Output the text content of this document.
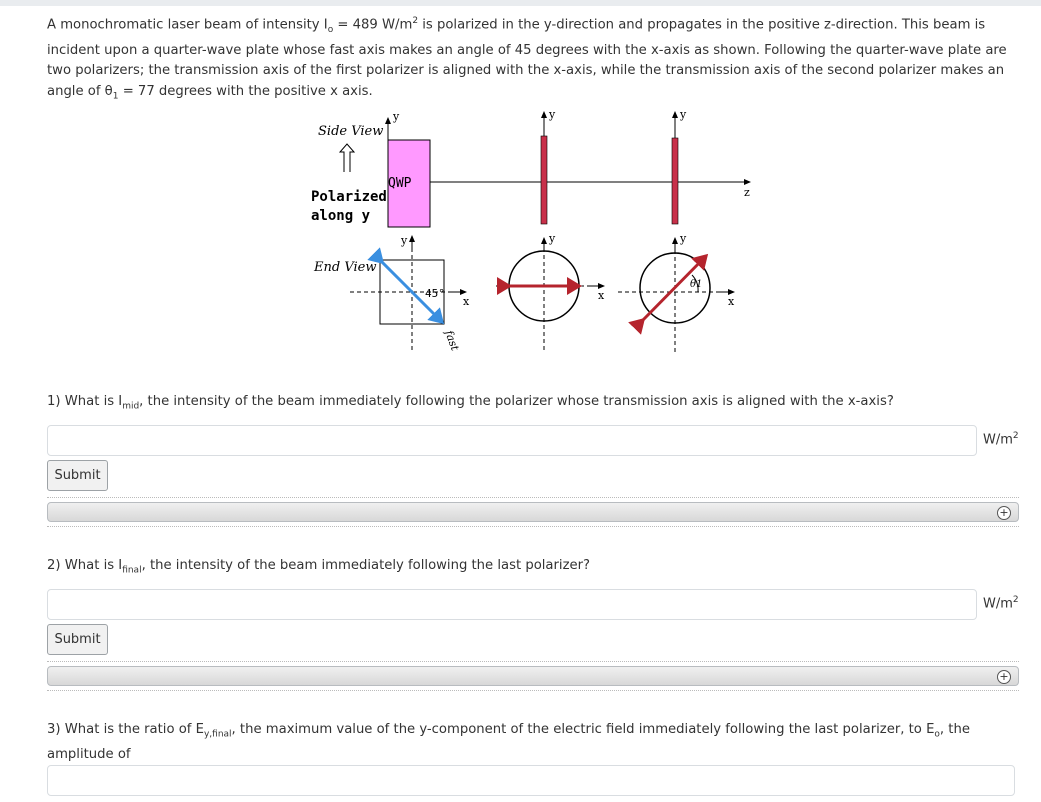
A monochromatic laser beam of intensity $I_o = 489$ $W/m^2$ is polarized in the y-direction and propagates in the positive z-direction. This beam is incident upon a quarter-wave plate whose fast axis makes an angle of 45 degrees with the x-axis as shown. Following the quarter-wave plate are two polarizers; the transmission axis of the first polarizer is aligned with the x-axis, while the transmission axis of the second polarizer makes an angle of $\theta_1 = 77$ degrees with the positive x axis.
Side View
z
Polarized
along y
y
QWP
y	y
End View
x
y
45°
fast
x
y
x
y
θ1
1) What is $I_{mid}$, the intensity of the beam immediately following the polarizer whose transmission axis is aligned with the x-axis?
$W/m^2$
Submit
+
2) What is $I_{final}$, the intensity of the beam immediately following the last polarizer?
$W/m^2$
Submit
+
3) What is the ratio of $E_{y,final}$, the maximum value of the y-component of the electric field immediately following the last polarizer, to $E_o$, the amplitude of
